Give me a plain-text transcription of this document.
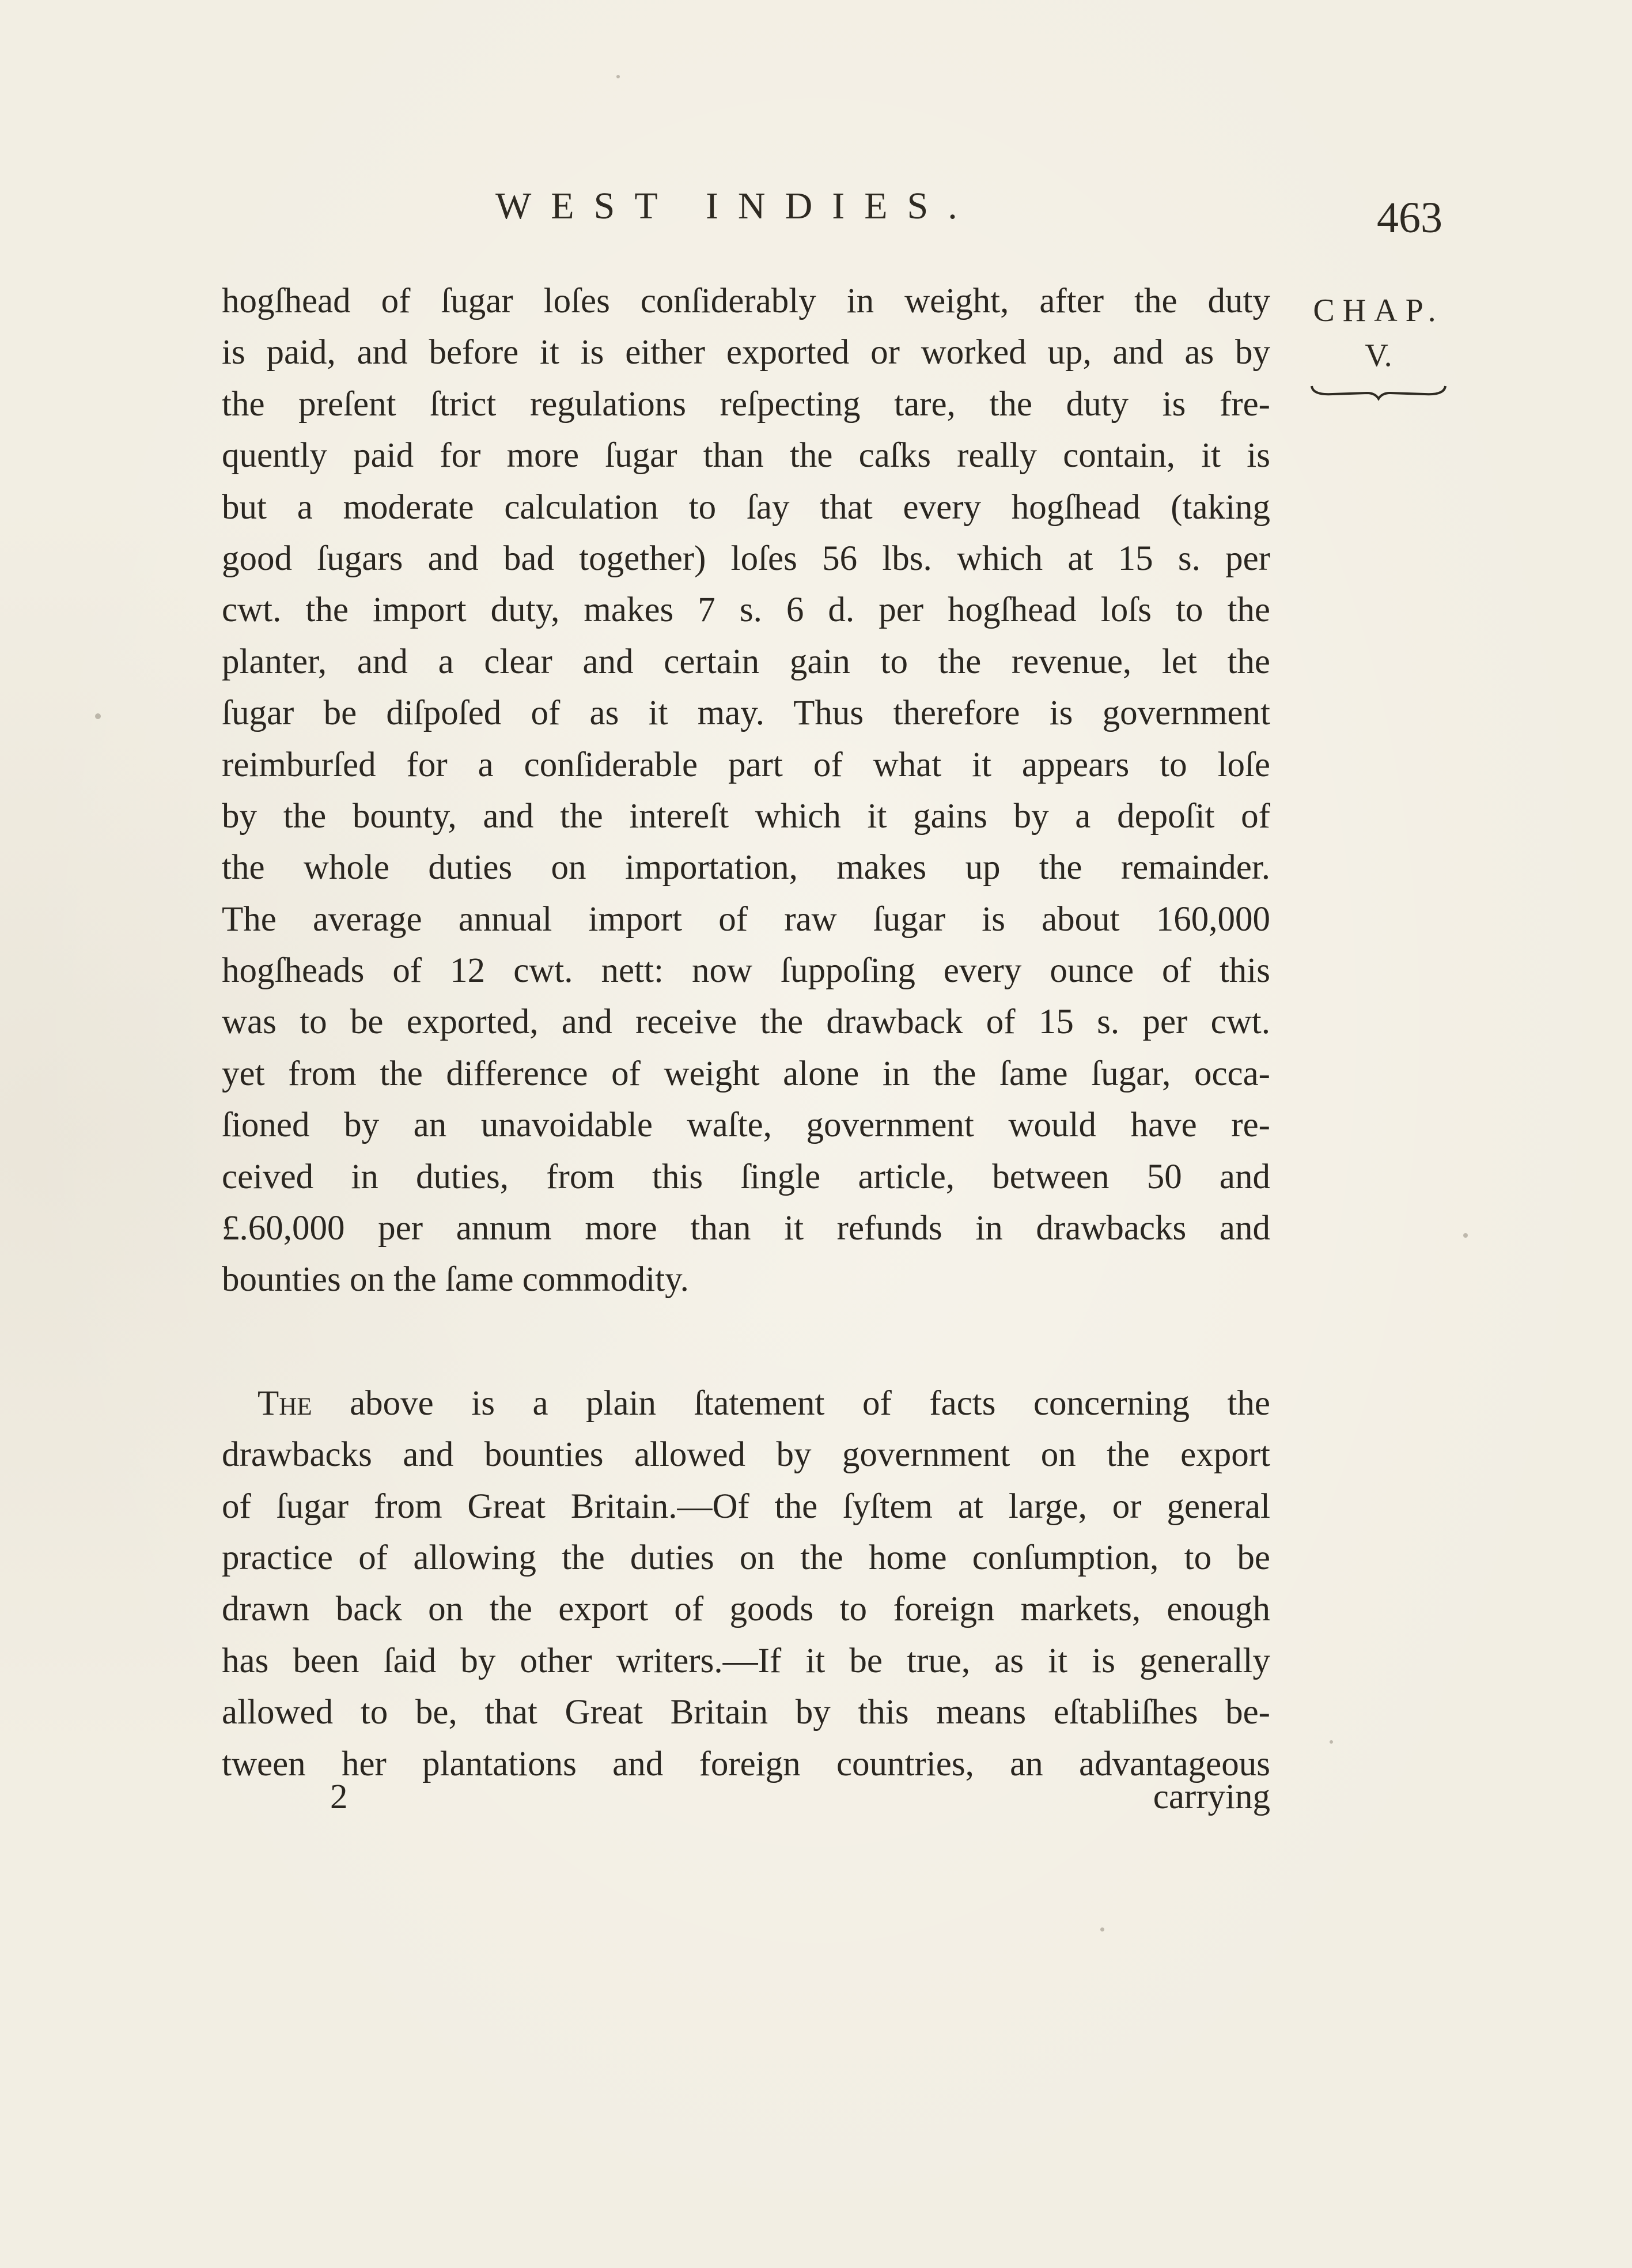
WEST INDIES.	463
CHAP.
V.
hogſhead of ſugar loſes conſiderably in weight, after the duty
is paid, and before it is either exported or worked up, and as by
the preſent ſtrict regulations reſpecting tare, the duty is fre-
quently paid for more ſugar than the caſks really contain, it is
but a moderate calculation to ſay that every hogſhead (taking
good ſugars and bad together) loſes 56 lbs. which at 15 s. per
cwt. the import duty, makes 7 s. 6 d. per hogſhead loſs to the
planter, and a clear and certain gain to the revenue, let the
ſugar be diſpoſed of as it may. Thus therefore is government
reimburſed for a conſiderable part of what it appears to loſe
by the bounty, and the intereſt which it gains by a depoſit of
the whole duties on importation, makes up the remainder.
The average annual import of raw ſugar is about 160,000
hogſheads of 12 cwt. nett: now ſuppoſing every ounce of this
was to be exported, and receive the drawback of 15 s. per cwt.
yet from the difference of weight alone in the ſame ſugar, occa-
ſioned by an unavoidable waſte, government would have re-
ceived in duties, from this ſingle article, between 50 and
£.60,000 per annum more than it refunds in drawbacks and
bounties on the ſame commodity.
The above is a plain ſtatement of facts concerning the
drawbacks and bounties allowed by government on the export
of ſugar from Great Britain.—Of the ſyſtem at large, or general
practice of allowing the duties on the home conſumption, to be
drawn back on the export of goods to foreign markets, enough
has been ſaid by other writers.—If it be true, as it is generally
allowed to be, that Great Britain by this means eſtabliſhes be-
tween her plantations and foreign countries, an advantageous
2	carrying
